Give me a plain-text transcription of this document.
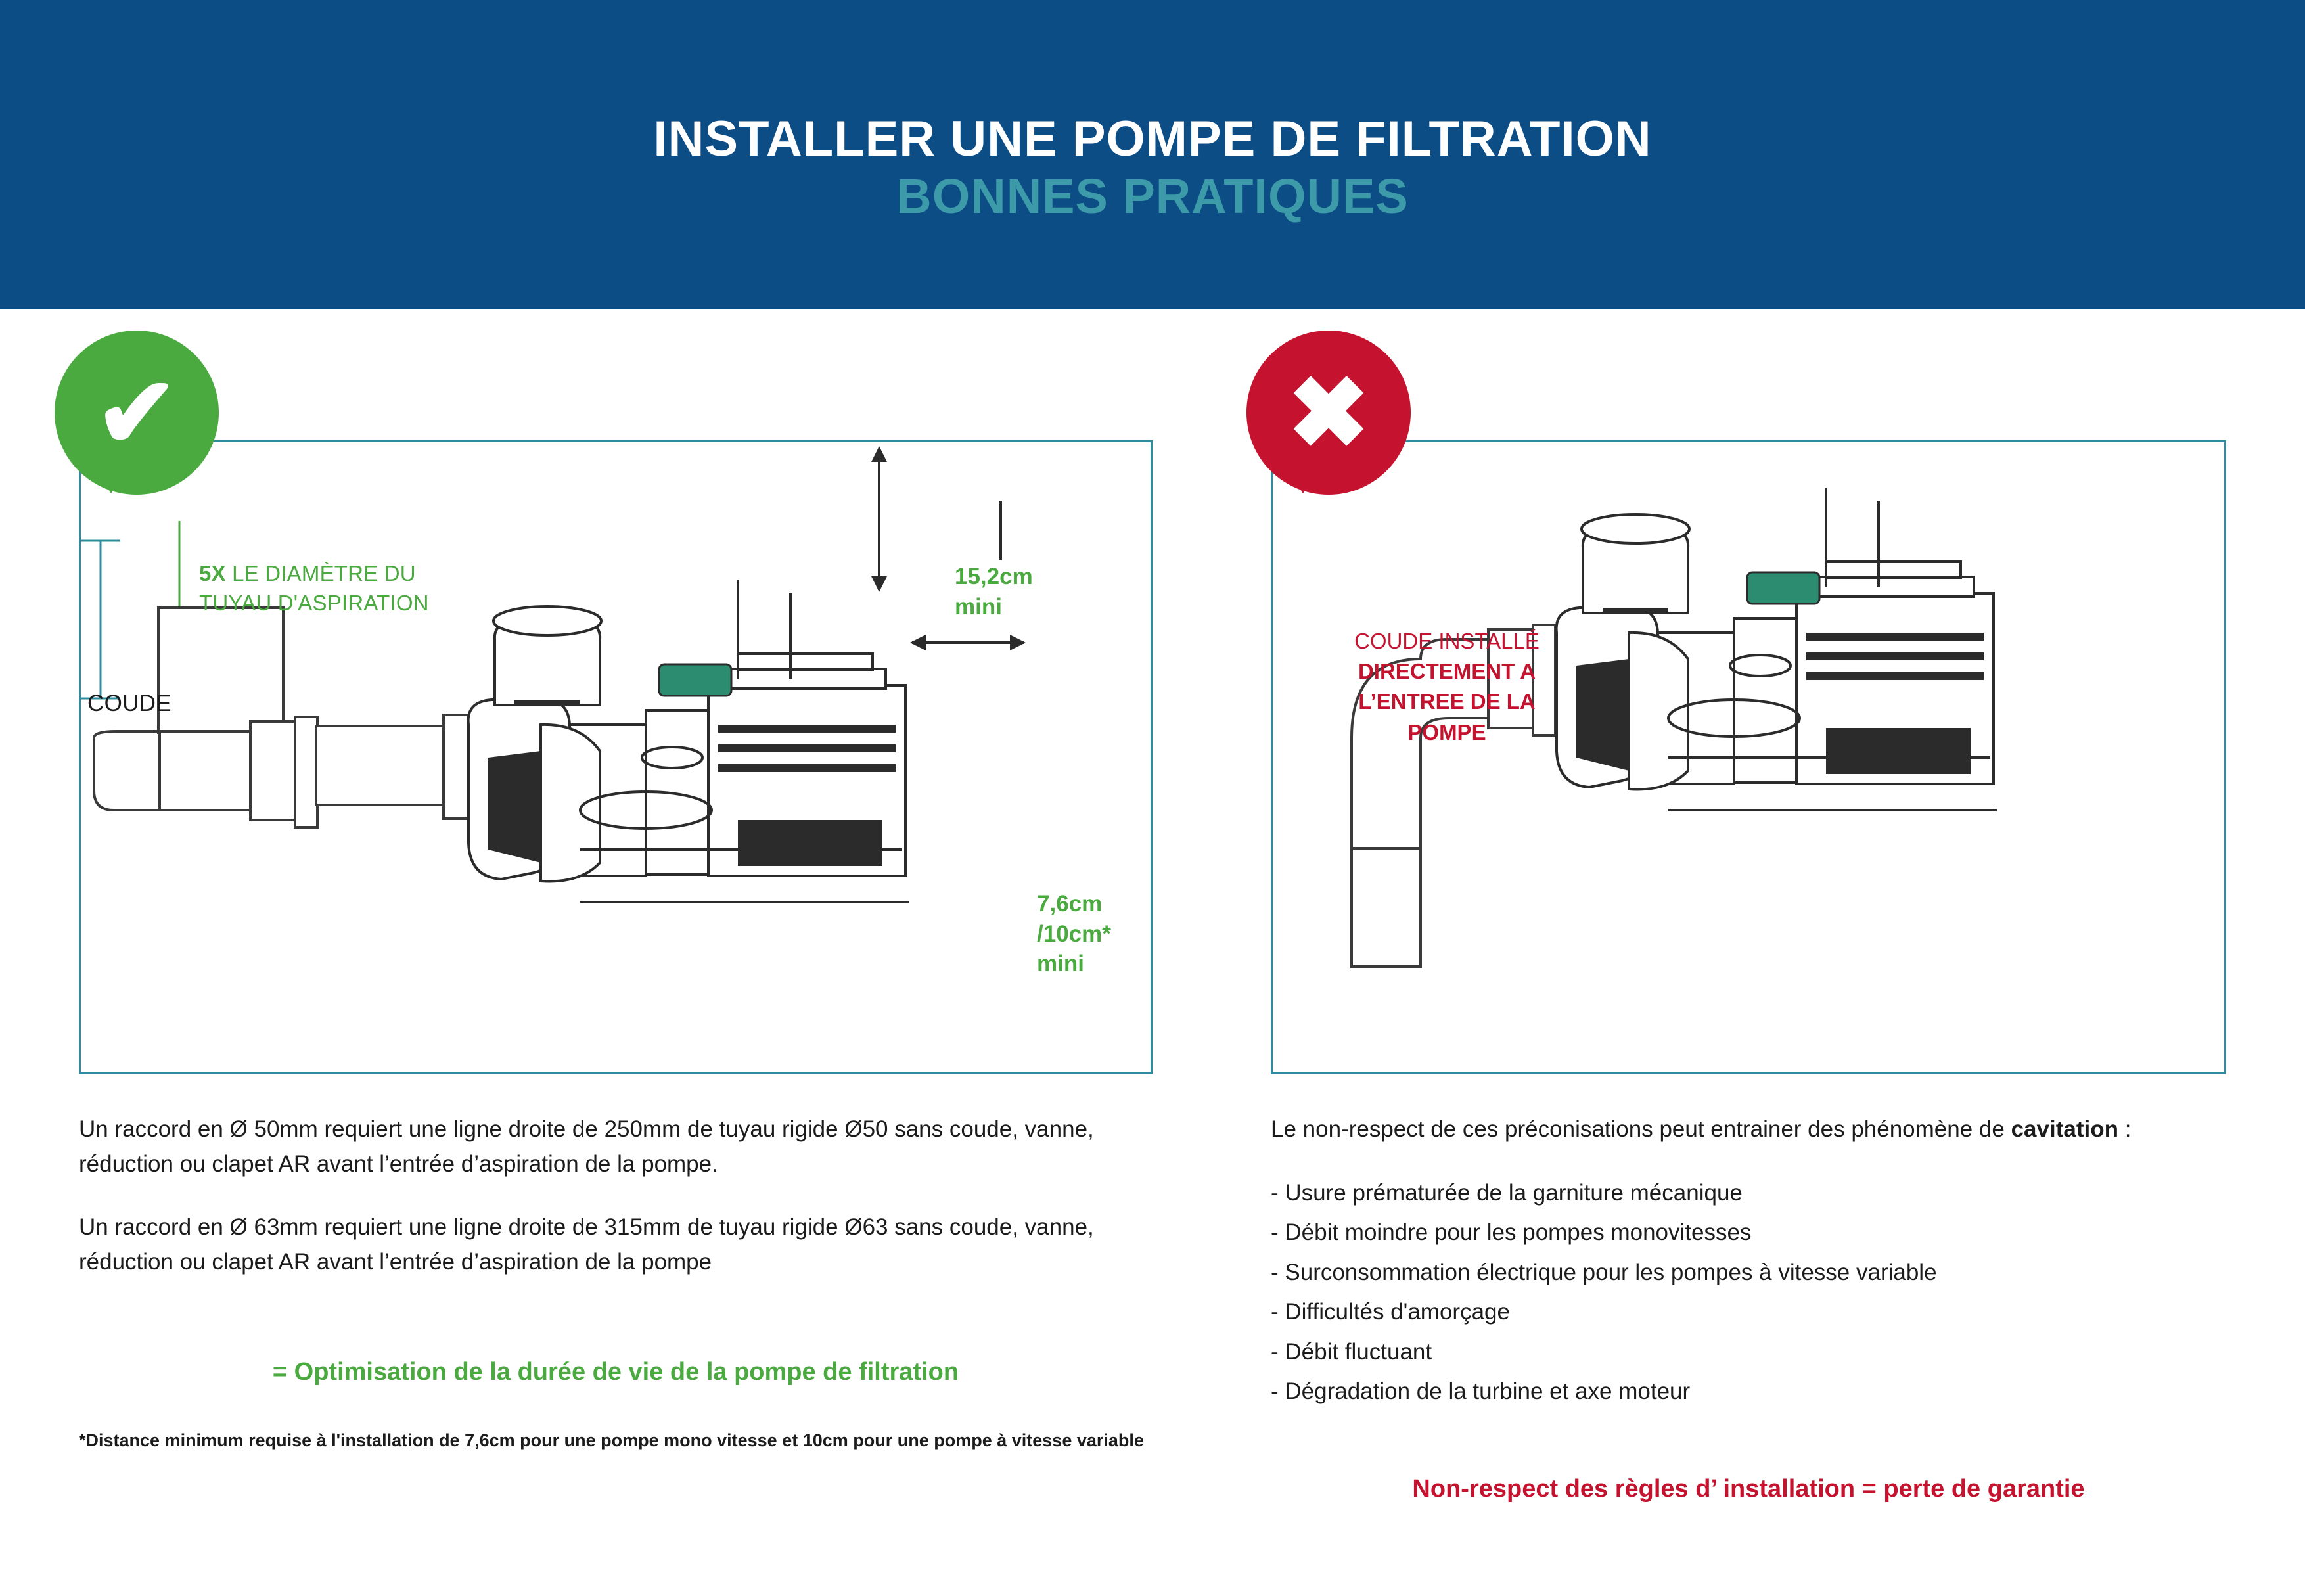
INSTALLER UNE POMPE DE FILTRATION
BONNES PRATIQUES
✔
5X LE DIAMÈTRE DU
TUYAU D'ASPIRATION
COUDE
15,2cm
mini
7,6cm
/10cm*
mini

Un raccord en Ø 50mm requiert une ligne droite de 250mm de tuyau rigide Ø50 sans coude, vanne, réduction ou clapet AR avant l’entrée d’aspiration de la pompe.

Un raccord en Ø 63mm requiert une ligne droite de 315mm de tuyau rigide Ø63 sans coude, vanne, réduction ou clapet AR avant l’entrée d’aspiration de la pompe

= Optimisation de la durée de vie de la pompe de filtration
*Distance minimum requise à l'installation de 7,6cm pour une pompe mono vitesse et 10cm pour une pompe à vitesse variable
✖
COUDE INSTALLÉ
DIRECTEMENT A
L’ENTREE DE LA
POMPE

Le non-respect de ces préconisations peut entrainer des phénomène de cavitation :

- Usure prématurée de la garniture mécanique
- Débit moindre pour les pompes monovitesses
- Surconsommation électrique pour les pompes à vitesse variable
- Difficultés d'amorçage
- Débit fluctuant
- Dégradation de la turbine et axe moteur
Non-respect des règles d’ installation = perte de garantie
